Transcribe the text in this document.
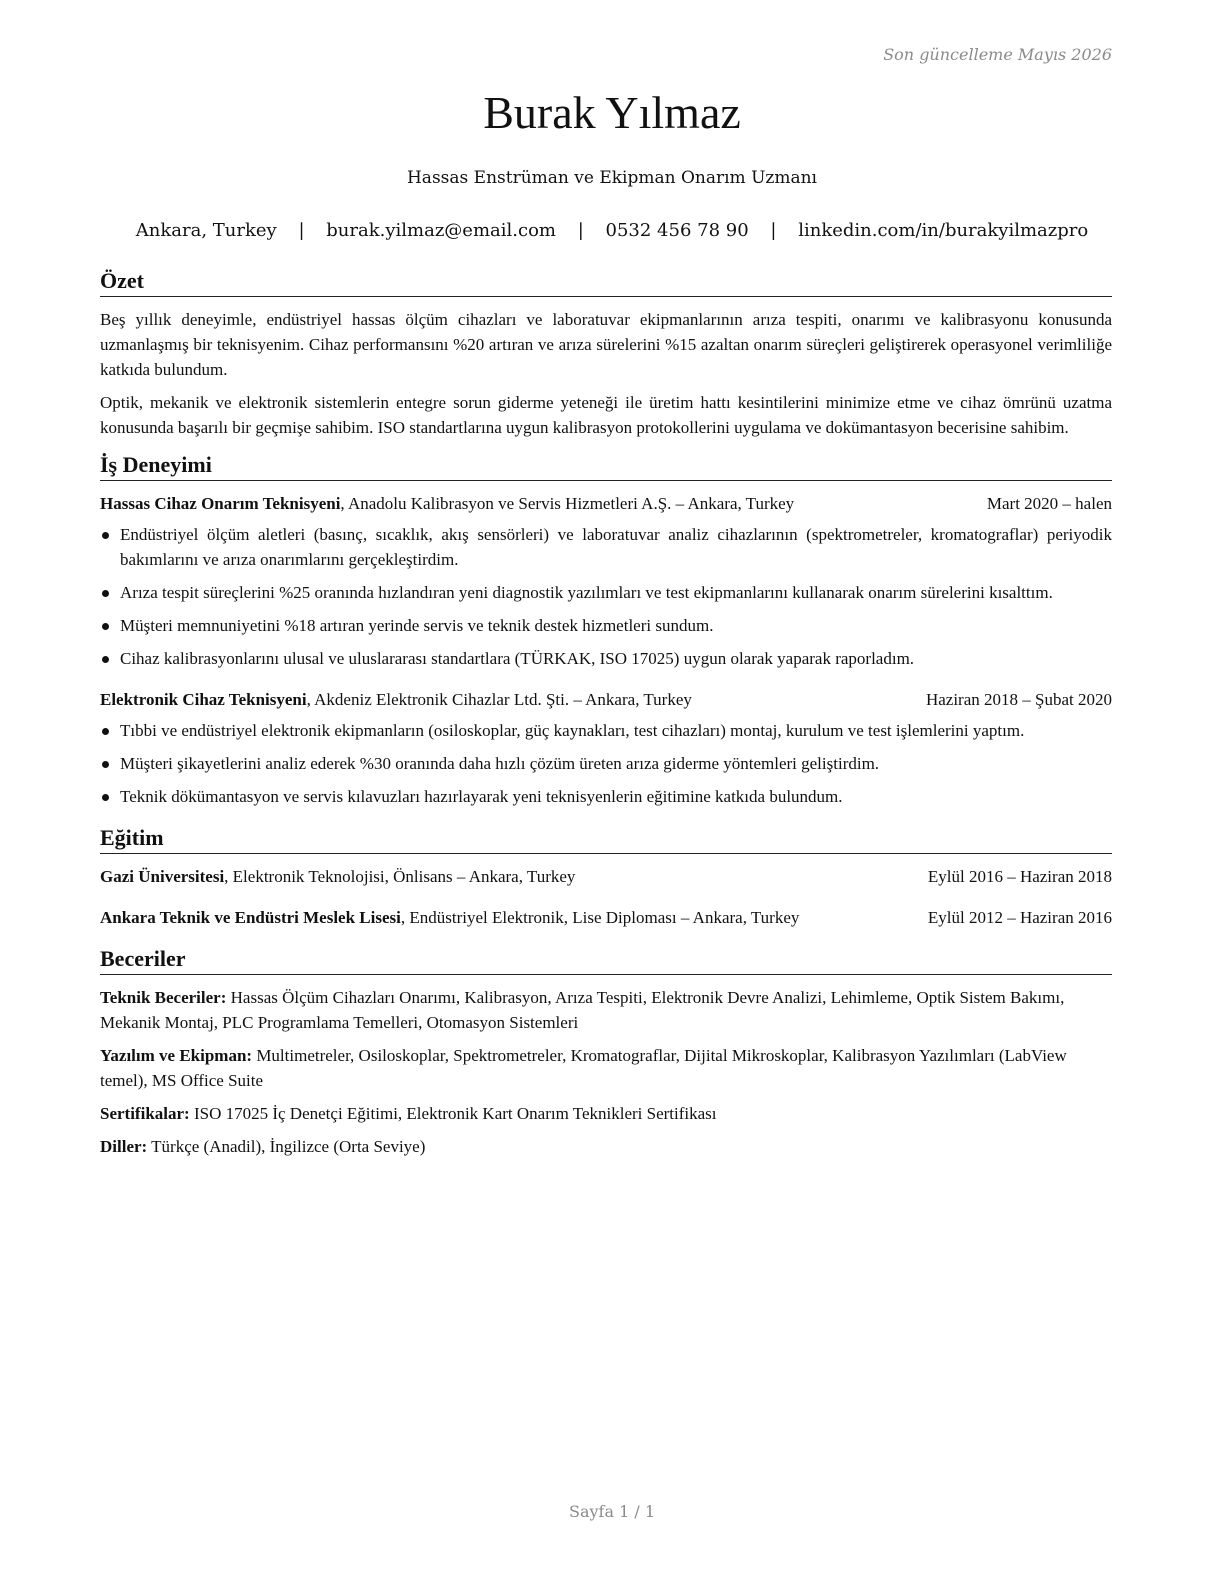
Son güncelleme Mayıs 2026
Burak Yılmaz
Hassas Enstrüman ve Ekipman Onarım Uzmanı
Ankara, Turkey | burak.yilmaz@email.com | 0532 456 78 90 | linkedin.com/in/burakyilmazpro
Özet

Beş yıllık deneyimle, endüstriyel hassas ölçüm cihazları ve laboratuvar ekipmanlarının arıza tespiti, onarımı ve kalibrasyonu konusunda uzmanlaşmış bir teknisyenim. Cihaz performansını %20 artıran ve arıza sürelerini %15 azaltan onarım süreçleri geliştirerek operasyonel verimliliğe katkıda bulundum.

Optik, mekanik ve elektronik sistemlerin entegre sorun giderme yeteneği ile üretim hattı kesintilerini minimize etme ve cihaz ömrünü uzatma konusunda başarılı bir geçmişe sahibim. ISO standartlarına uygun kalibrasyon protokollerini uygulama ve dokümantasyon becerisine sahibim.

İş Deneyimi
Hassas Cihaz Onarım Teknisyeni, Anadolu Kalibrasyon ve Servis Hizmetleri A.Ş. – Ankara, Turkey	Mart 2020 – halen
Endüstriyel ölçüm aletleri (basınç, sıcaklık, akış sensörleri) ve laboratuvar analiz cihazlarının (spektrometreler, kromatograflar) periyodik bakımlarını ve arıza onarımlarını gerçekleştirdim.
Arıza tespit süreçlerini %25 oranında hızlandıran yeni diagnostik yazılımları ve test ekipmanlarını kullanarak onarım sürelerini kısalttım.
Müşteri memnuniyetini %18 artıran yerinde servis ve teknik destek hizmetleri sundum.
Cihaz kalibrasyonlarını ulusal ve uluslararası standartlara (TÜRKAK, ISO 17025) uygun olarak yaparak raporladım.
Elektronik Cihaz Teknisyeni, Akdeniz Elektronik Cihazlar Ltd. Şti. – Ankara, Turkey	Haziran 2018 – Şubat 2020
Tıbbi ve endüstriyel elektronik ekipmanların (osiloskoplar, güç kaynakları, test cihazları) montaj, kurulum ve test işlemlerini yaptım.
Müşteri şikayetlerini analiz ederek %30 oranında daha hızlı çözüm üreten arıza giderme yöntemleri geliştirdim.
Teknik dökümantasyon ve servis kılavuzları hazırlayarak yeni teknisyenlerin eğitimine katkıda bulundum.
Eğitim
Gazi Üniversitesi, Elektronik Teknolojisi, Önlisans – Ankara, Turkey	Eylül 2016 – Haziran 2018
Ankara Teknik ve Endüstri Meslek Lisesi, Endüstriyel Elektronik, Lise Diploması – Ankara, Turkey	Eylül 2012 – Haziran 2016
Beceriler

Teknik Beceriler: Hassas Ölçüm Cihazları Onarımı, Kalibrasyon, Arıza Tespiti, Elektronik Devre Analizi, Lehimleme, Optik Sistem Bakımı, Mekanik Montaj, PLC Programlama Temelleri, Otomasyon Sistemleri

Yazılım ve Ekipman: Multimetreler, Osiloskoplar, Spektrometreler, Kromatograflar, Dijital Mikroskoplar, Kalibrasyon Yazılımları (LabView temel), MS Office Suite

Sertifikalar: ISO 17025 İç Denetçi Eğitimi, Elektronik Kart Onarım Teknikleri Sertifikası

Diller: Türkçe (Anadil), İngilizce (Orta Seviye)

Sayfa 1 / 1
